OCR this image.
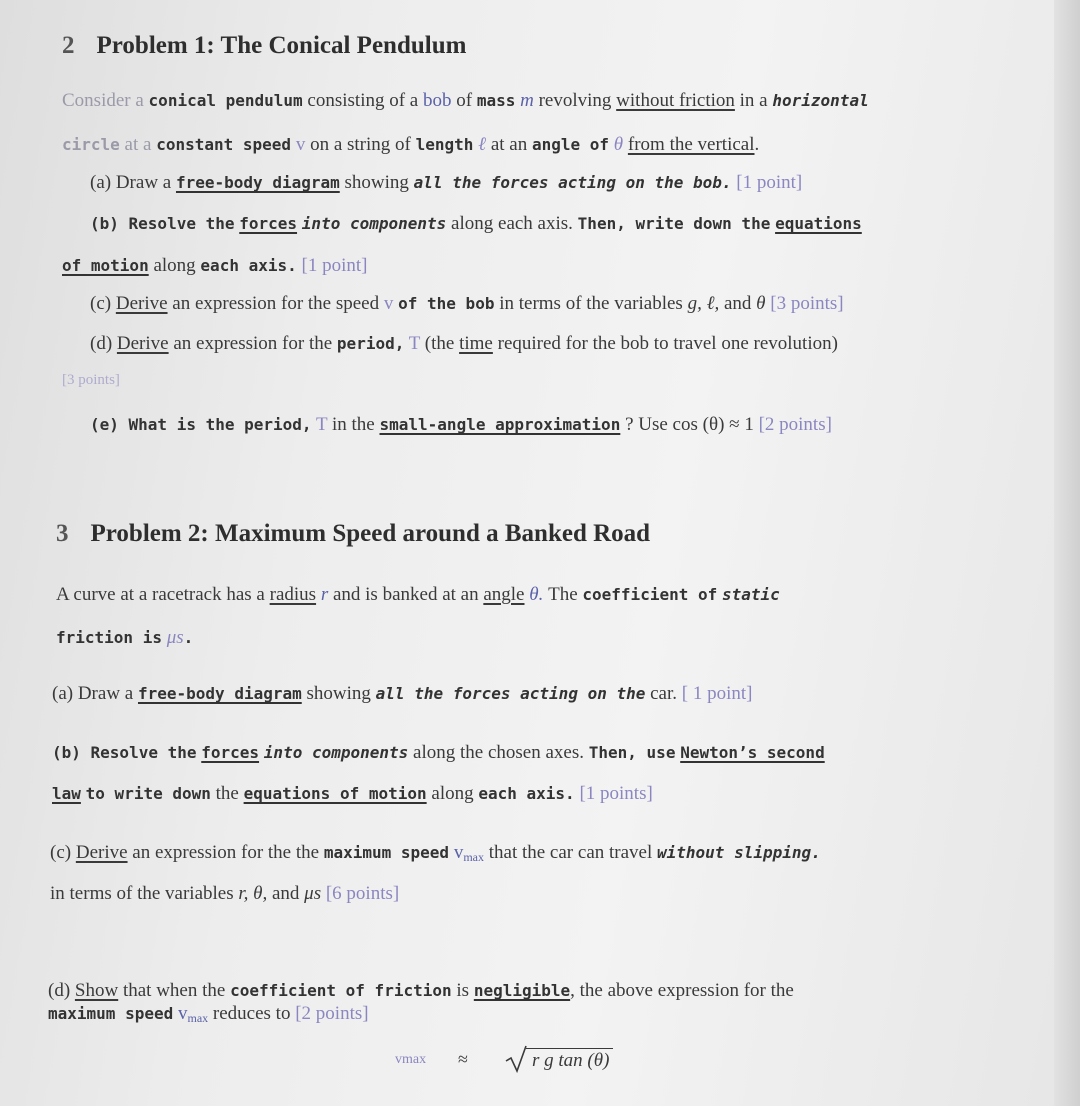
2 Problem 1: The Conical Pendulum
Consider a conical pendulum consisting of a bob of mass m revolving without friction in a horizontal
circle at a constant speed v on a string of length ℓ at an angle of θ from the vertical.
(a) Draw a free-body diagram showing all the forces acting on the bob. [1 point]
(b) Resolve the forces into components along each axis. Then, write down the equations
of motion along each axis. [1 point]
(c) Derive an expression for the speed v of the bob in terms of the variables g, ℓ, and θ [3 points]
(d) Derive an expression for the period, T (the time required for the bob to travel one revolution)
[3 points]
(e) What is the period, T in the small-angle approximation ? Use cos (θ) ≈ 1 [2 points]
3 Problem 2: Maximum Speed around a Banked Road
A curve at a racetrack has a radius r and is banked at an angle θ. The coefficient of static
friction is μs.
(a) Draw a free-body diagram showing all the forces acting on the car. [ 1 point]
(b) Resolve the forces into components along the chosen axes. Then, use Newton’s second
law to write down the equations of motion along each axis. [1 points]
(c) Derive an expression for the the maximum speed $v_{max}$ that the car can travel without slipping.
in terms of the variables r, θ, and μs [6 points]
(d) Show that when the coefficient of friction is negligible, the above expression for the
maximum speed $v_{max}$ reduces to [2 points]
vmax ≈	r g tan (θ)
